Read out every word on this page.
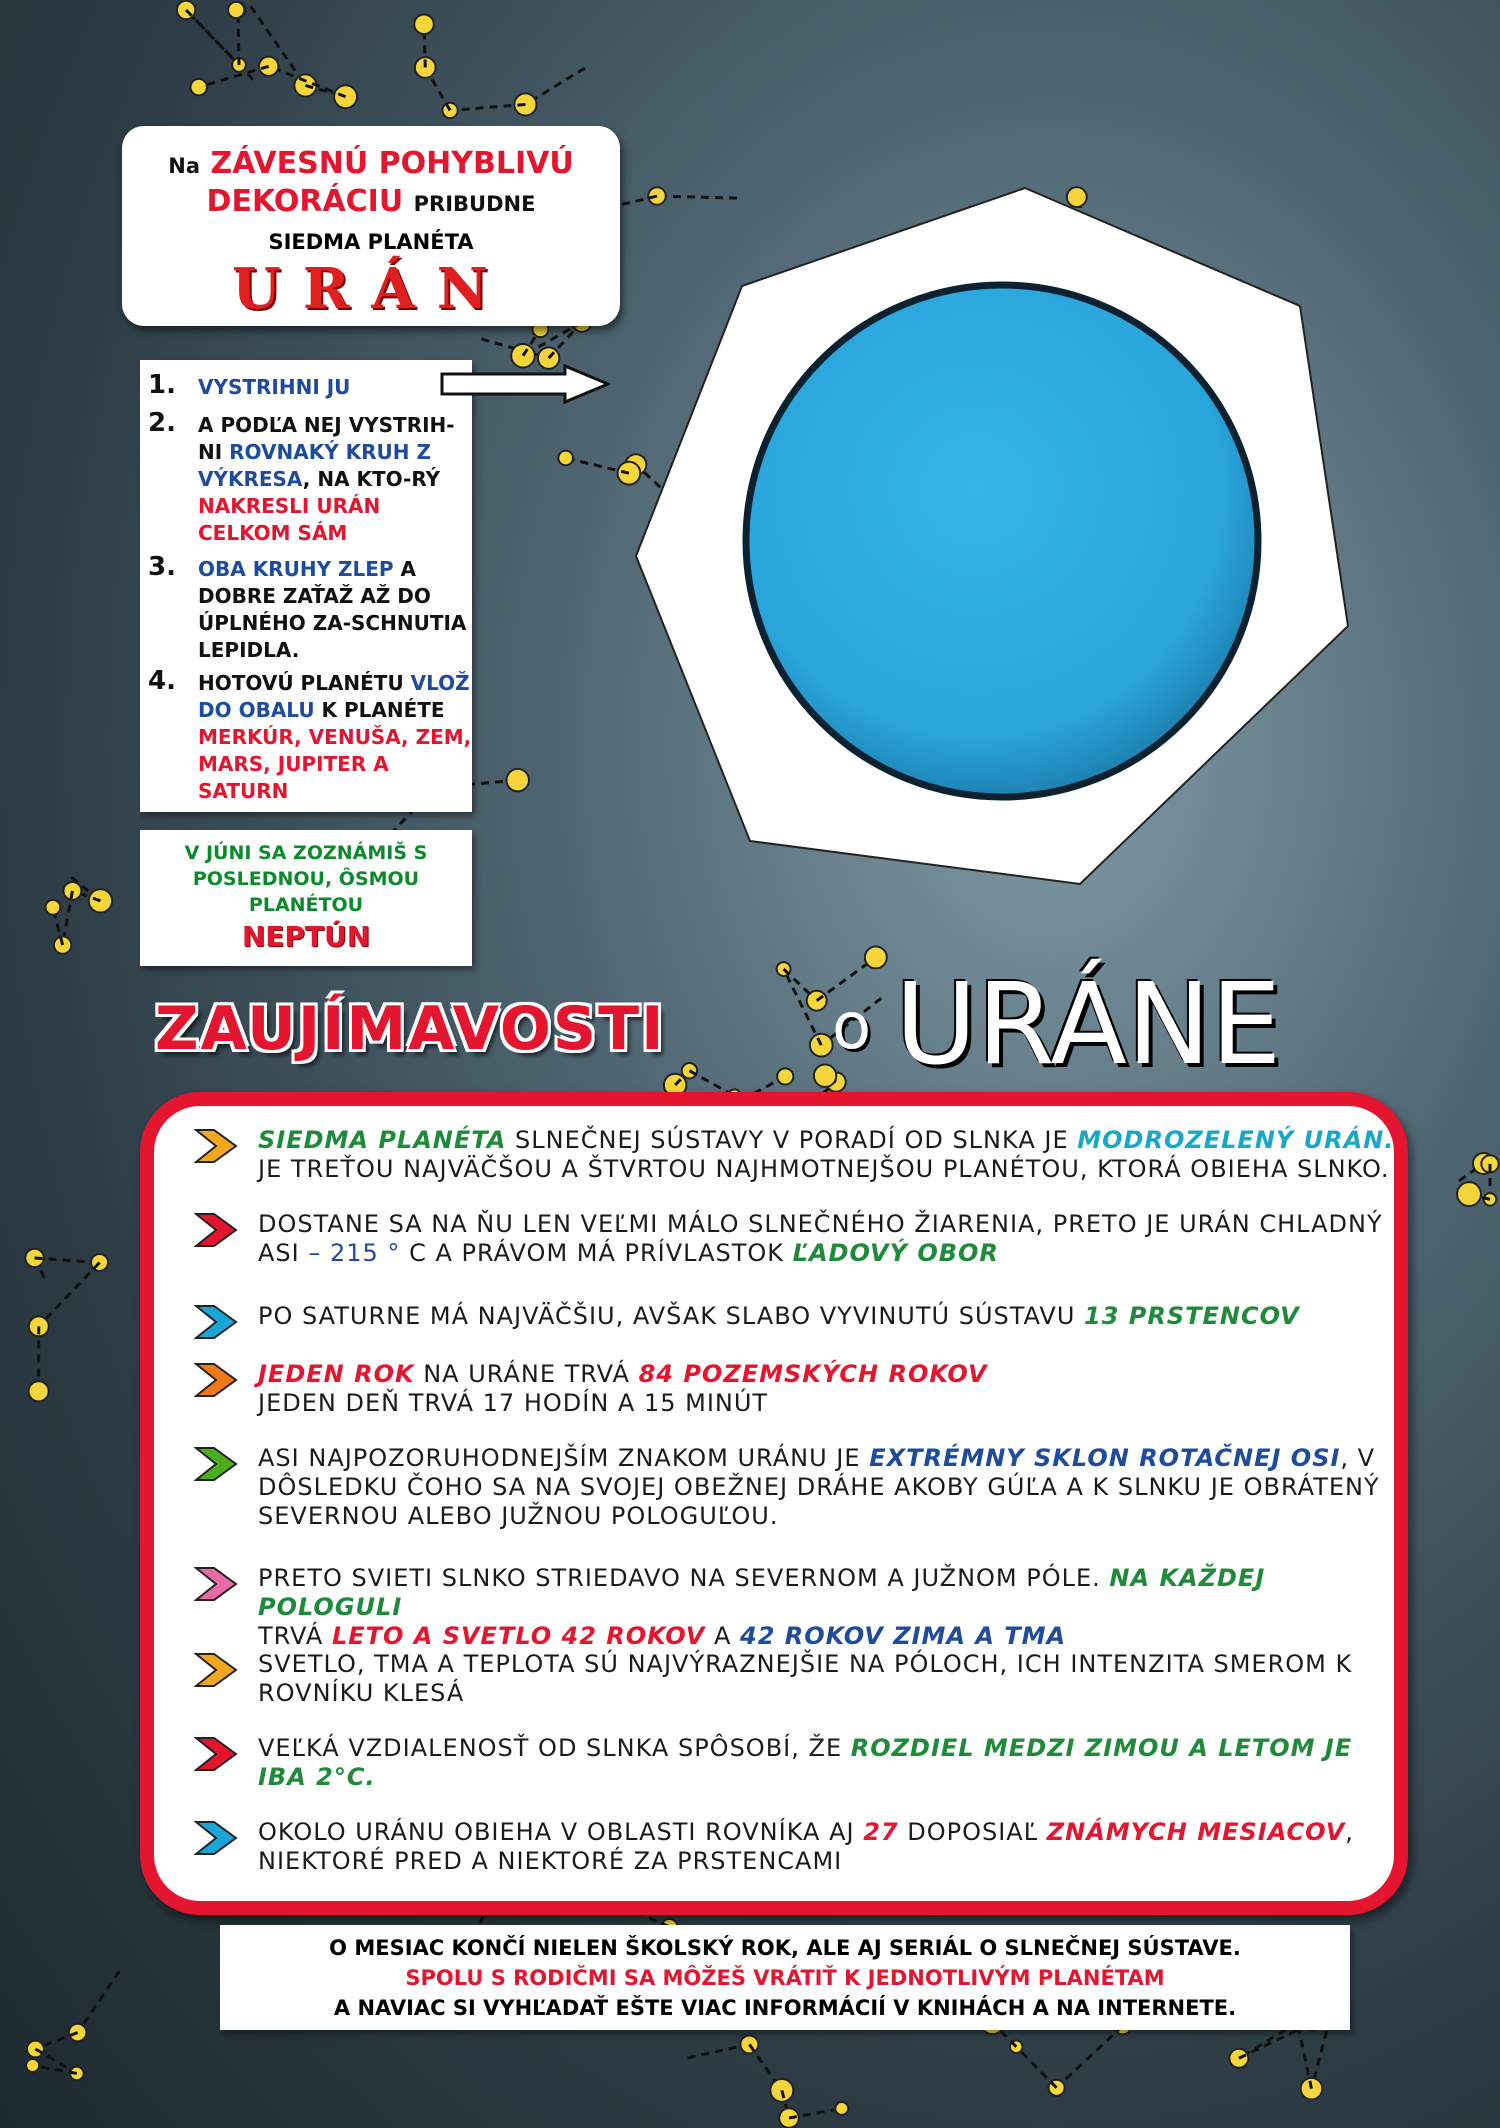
Na ZÁVESNÚ POHYBLIVÚ
DEKORÁCIU PRIBUDNE
SIEDMA PLANÉTA
URÁN
1. VYSTRIHNI JU
2. A PODĽA NEJ VYSTRIH-NI ROVNAKÝ KRUH Z VÝKRESA, NA KTO-RÝ NAKRESLI URÁN CELKOM SÁM
3. OBA KRUHY ZLEP A DOBRE ZAŤAŽ AŽ DO ÚPLNÉHO ZA-SCHNUTIA LEPIDLA.
4. HOTOVÚ PLANÉTU VLOŽ DO OBALU K PLANÉTE MERKÚR, VENUŠA, ZEM, MARS, JUPITER A SATURN
V JÚNI SA ZOZNÁMIŠ S POSLEDNOU, ÔSMOU PLANÉTOU
NEPTÚN
ZAUJÍMAVOSTI	o URÁNE
SIEDMA PLANÉTA SLNEČNEJ SÚSTAVY V PORADÍ OD SLNKA JE MODROZELENÝ URÁN. JE TREŤOU NAJVÄČŠOU A ŠTVRTOU NAJHMOTNEJŠOU PLANÉTOU, KTORÁ OBIEHA SLNKO.
DOSTANE SA NA ŇU LEN VEĽMI MÁLO SLNEČNÉHO ŽIARENIA, PRETO JE URÁN CHLADNÝ ASI – 215 ° C A PRÁVOM MÁ PRÍVLASTOK ĽADOVÝ OBOR
PO SATURNE MÁ NAJVÄČŠIU, AVŠAK SLABO VYVINUTÚ SÚSTAVU 13 PRSTENCOV
JEDEN ROK NA URÁNE TRVÁ 84 POZEMSKÝCH ROKOV
JEDEN DEŇ TRVÁ 17 HODÍN A 15 MINÚT
ASI NAJPOZORUHODNEJŠÍM ZNAKOM URÁNU JE EXTRÉMNY SKLON ROTAČNEJ OSI, V DÔSLEDKU ČOHO SA NA SVOJEJ OBEŽNEJ DRÁHE AKOBY GÚĽA A K SLNKU JE OBRÁTENÝ SEVERNOU ALEBO JUŽNOU POLOGUĽOU.
PRETO SVIETI SLNKO STRIEDAVO NA SEVERNOM A JUŽNOM PÓLE. NA KAŽDEJ POLOGULI
TRVÁ LETO A SVETLO 42 ROKOV A 42 ROKOV ZIMA A TMA
SVETLO, TMA A TEPLOTA SÚ NAJVÝRAZNEJŠIE NA PÓLOCH, ICH INTENZITA SMEROM K ROVNÍKU KLESÁ
VEĽKÁ VZDIALENOSŤ OD SLNKA SPÔSOBÍ, ŽE ROZDIEL MEDZI ZIMOU A LETOM JE IBA 2°C.
OKOLO URÁNU OBIEHA V OBLASTI ROVNÍKA AJ 27 DOPOSIAĽ ZNÁMYCH MESIACOV, NIEKTORÉ PRED A NIEKTORÉ ZA PRSTENCAMI
O MESIAC KONČÍ NIELEN ŠKOLSKÝ ROK, ALE AJ SERIÁL O SLNEČNEJ SÚSTAVE.
SPOLU S RODIČMI SA MÔŽEŠ VRÁTIŤ K JEDNOTLIVÝM PLANÉTAM
A NAVIAC SI VYHĽADAŤ EŠTE VIAC INFORMÁCIÍ V KNIHÁCH A NA INTERNETE.
